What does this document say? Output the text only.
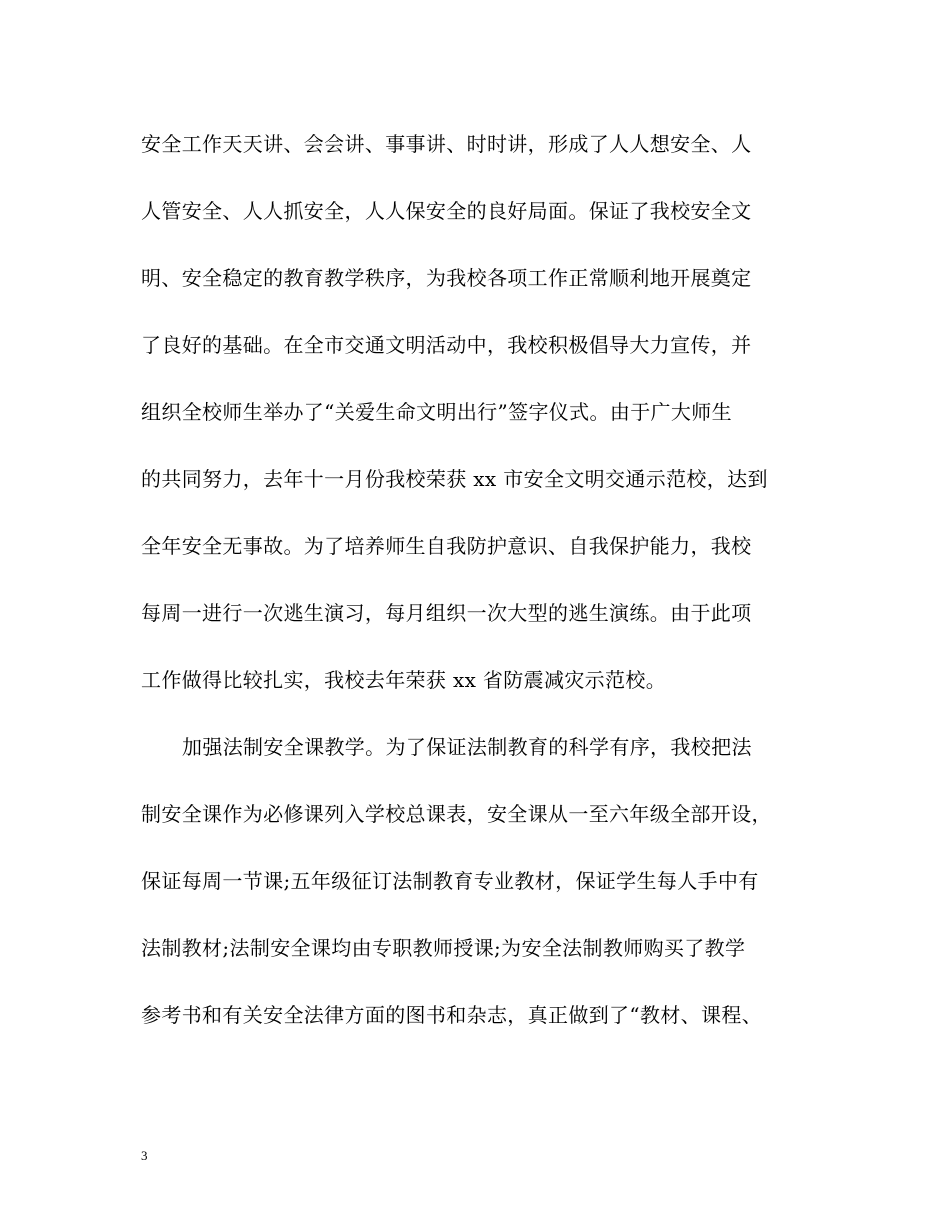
安全工作天天讲、会会讲、事事讲、时时讲，形成了人人想安全、人
人管安全、人人抓安全，人人保安全的良好局面。保证了我校安全文
明、安全稳定的教育教学秩序，为我校各项工作正常顺利地开展奠定
了良好的基础。在全市交通文明活动中，我校积极倡导大力宣传，并
组织全校师生举办了“关爱生命文明出行”签字仪式。由于广大师生
的共同努力，去年十一月份我校荣获 xx 市安全文明交通示范校，达到
全年安全无事故。为了培养师生自我防护意识、自我保护能力，我校
每周一进行一次逃生演习，每月组织一次大型的逃生演练。由于此项
工作做得比较扎实，我校去年荣获 xx 省防震减灾示范校。
加强法制安全课教学。为了保证法制教育的科学有序，我校把法
制安全课作为必修课列入学校总课表，安全课从一至六年级全部开设，
保证每周一节课;五年级征订法制教育专业教材，保证学生每人手中有
法制教材;法制安全课均由专职教师授课;为安全法制教师购买了教学
参考书和有关安全法律方面的图书和杂志，真正做到了“教材、课程、
3
